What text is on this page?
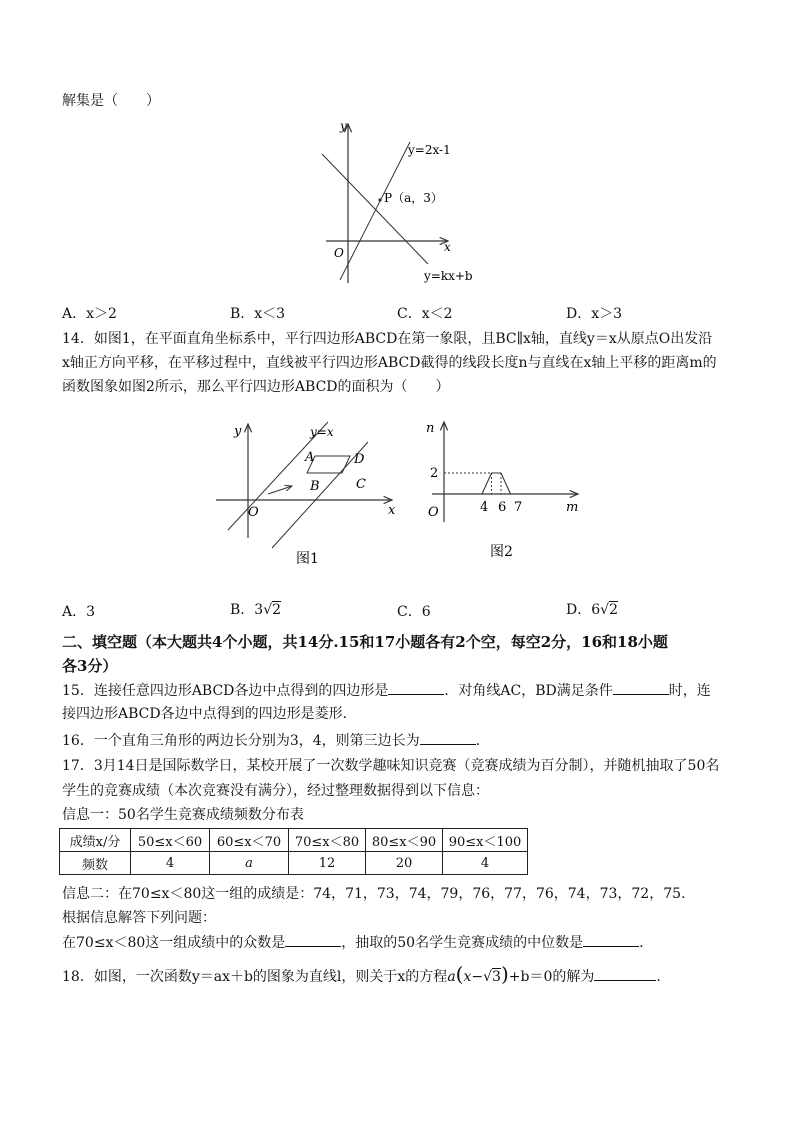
解集是（　　）
y
x
O
y=2x-1
P（a，3）
y=kx+b
A．x＞2	B．x＜3	C．x＜2	D．x＞3
14．如图1，在平面直角坐标系中，平行四边形ABCD在第一象限，且BC∥x轴，直线y＝x从原点O出发沿
x轴正方向平移，在平移过程中，直线被平行四边形ABCD截得的线段长度n与直线在x轴上平移的距离m的
函数图象如图2所示，那么平行四边形ABCD的面积为（　　）
y
x
O
y=x
A	D
B	C
图1
n
m
O
2
4 6 7
图2
A．3	B．3√2	C．6	D．6√2
二、填空题（本大题共4个小题，共14分.15和17小题各有2个空，每空2分，16和18小题
各3分）
15．连接任意四边形ABCD各边中点得到的四边形是	．对角线AC，BD满足条件	时，连
接四边形ABCD各边中点得到的四边形是菱形.
16．一个直角三角形的两边长分别为3，4，则第三边长为	.
17．3月14日是国际数学日，某校开展了一次数学趣味知识竞赛（竞赛成绩为百分制），并随机抽取了50名
学生的竞赛成绩（本次竞赛没有满分），经过整理数据得到以下信息：
信息一：50名学生竞赛成绩频数分布表
成绩x/分	50≤x＜60	60≤x＜70	70≤x＜80	80≤x＜90	90≤x＜100
频数	4	a	12	20	4
信息二：在70≤x＜80这一组的成绩是：74，71，73，74，79，76，77，76，74，73，72，75.
根据信息解答下列问题：
在70≤x＜80这一组成绩中的众数是	，抽取的50名学生竞赛成绩的中位数是	.
18．如图，一次函数y＝ax＋b的图象为直线l，则关于x的方程a(x−√3)+b＝0的解为	.
